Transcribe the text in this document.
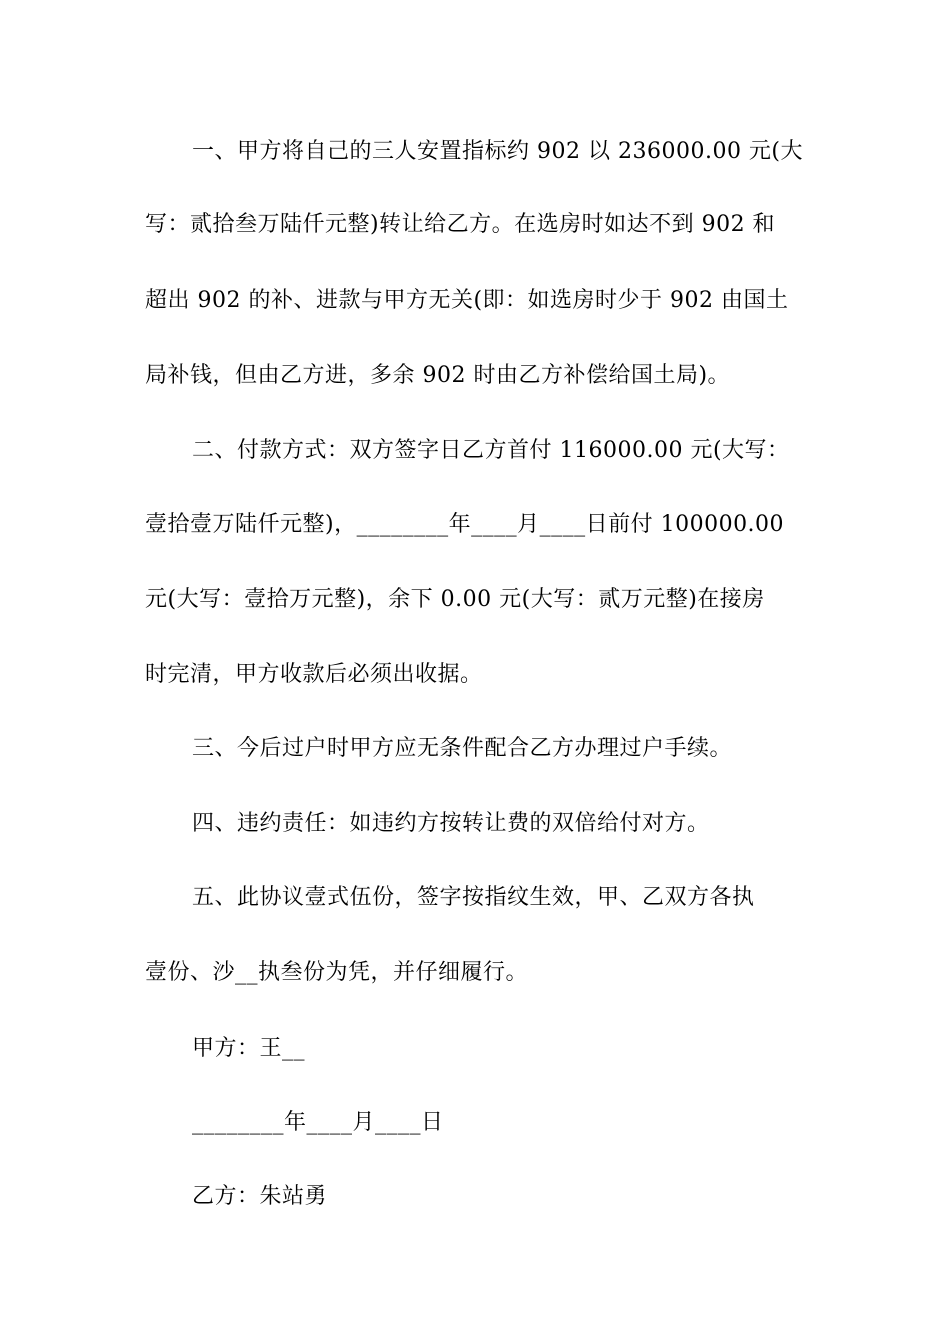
一、甲方将自己的三人安置指标约 902 以 236000.00 元(大
写：贰拾叁万陆仟元整)转让给乙方。在选房时如达不到 902 和
超出 902 的补、进款与甲方无关(即：如选房时少于 902 由国土
局补钱，但由乙方进，多余 902 时由乙方补偿给国土局)。
二、付款方式：双方签字日乙方首付 116000.00 元(大写：
壹拾壹万陆仟元整)，________年____月____日前付 100000.00
元(大写：壹拾万元整)，余下 0.00 元(大写：贰万元整)在接房
时完清，甲方收款后必须出收据。
三、今后过户时甲方应无条件配合乙方办理过户手续。
四、违约责任：如违约方按转让费的双倍给付对方。
五、此协议壹式伍份，签字按指纹生效，甲、乙双方各执
壹份、沙__执叁份为凭，并仔细履行。
甲方：王__
________年____月____日
乙方：朱站勇
